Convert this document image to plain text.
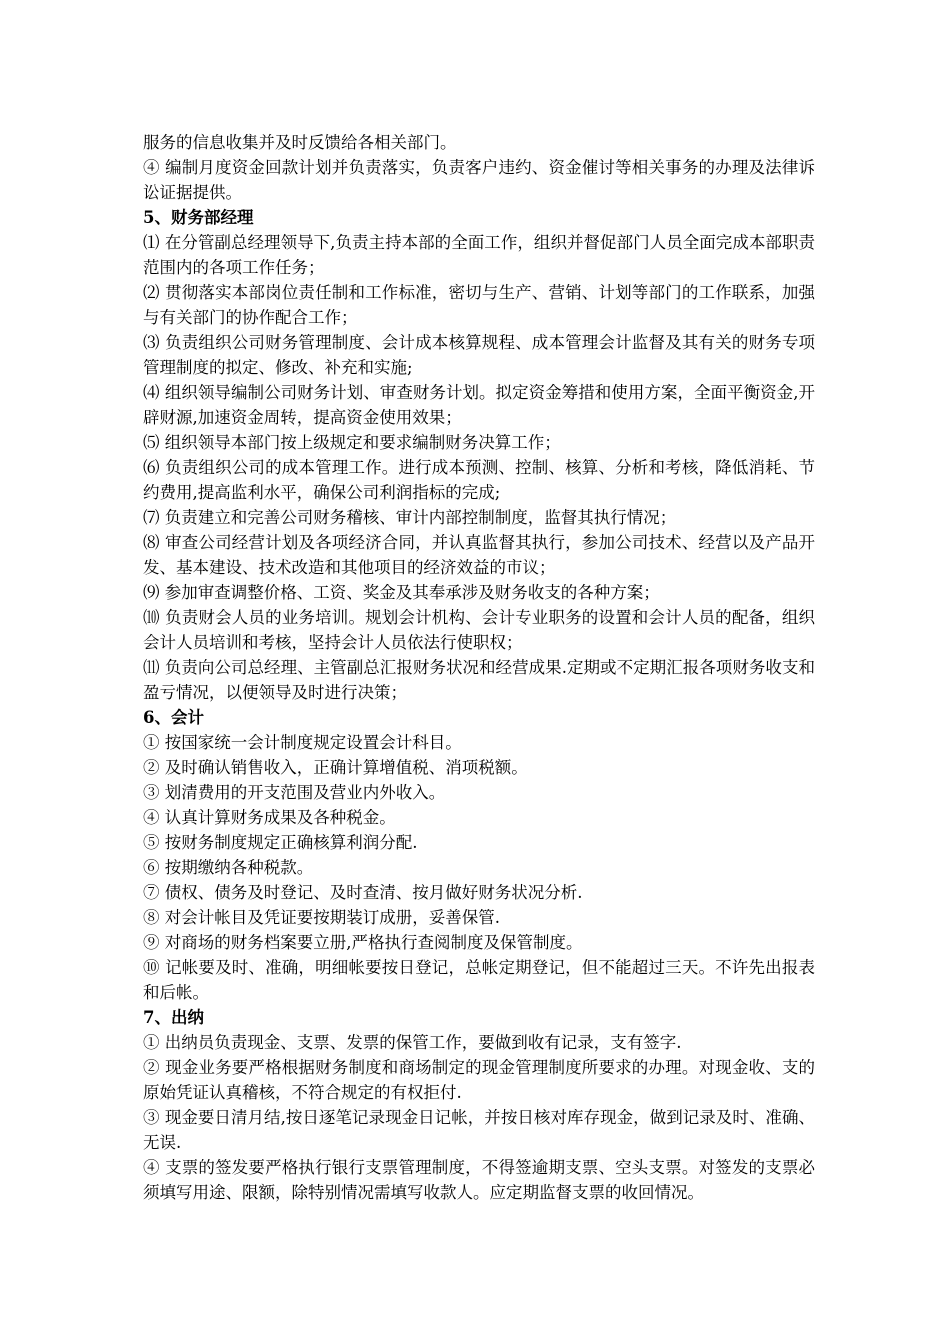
服务的信息收集并及时反馈给各相关部门。

④ 编制月度资金回款计划并负责落实，负责客户违约、资金催讨等相关事务的办理及法律诉讼证据提供。

5、财务部经理

⑴ 在分管副总经理领导下,负责主持本部的全面工作，组织并督促部门人员全面完成本部职责范围内的各项工作任务；

⑵ 贯彻落实本部岗位责任制和工作标准，密切与生产、营销、计划等部门的工作联系，加强与有关部门的协作配合工作；

⑶ 负责组织公司财务管理制度、会计成本核算规程、成本管理会计监督及其有关的财务专项管理制度的拟定、修改、补充和实施;

⑷ 组织领导编制公司财务计划、审查财务计划。拟定资金筹措和使用方案，全面平衡资金,开辟财源,加速资金周转，提高资金使用效果；

⑸ 组织领导本部门按上级规定和要求编制财务决算工作；

⑹ 负责组织公司的成本管理工作。进行成本预测、控制、核算、分析和考核，降低消耗、节约费用,提高监利水平，确保公司利润指标的完成;

⑺ 负责建立和完善公司财务稽核、审计内部控制制度，监督其执行情况；

⑻ 审查公司经营计划及各项经济合同，并认真监督其执行，参加公司技术、经营以及产品开发、基本建设、技术改造和其他项目的经济效益的市议；

⑼ 参加审查调整价格、工资、奖金及其奉承涉及财务收支的各种方案；

⑽ 负责财会人员的业务培训。规划会计机构、会计专业职务的设置和会计人员的配备，组织会计人员培训和考核，坚持会计人员依法行使职权；

⑾ 负责向公司总经理、主管副总汇报财务状况和经营成果.定期或不定期汇报各项财务收支和盈亏情况，以便领导及时进行决策；

6、会计

① 按国家统一会计制度规定设置会计科目。

② 及时确认销售收入，正确计算增值税、消项税额。

③ 划清费用的开支范围及营业内外收入。

④ 认真计算财务成果及各种税金。

⑤ 按财务制度规定正确核算利润分配.

⑥ 按期缴纳各种税款。

⑦ 债权、债务及时登记、及时查清、按月做好财务状况分析.

⑧ 对会计帐目及凭证要按期装订成册，妥善保管.

⑨ 对商场的财务档案要立册,严格执行查阅制度及保管制度。

⑩ 记帐要及时、准确，明细帐要按日登记，总帐定期登记，但不能超过三天。不许先出报表和后帐。

7、出纳

① 出纳员负责现金、支票、发票的保管工作，要做到收有记录，支有签字.

② 现金业务要严格根据财务制度和商场制定的现金管理制度所要求的办理。对现金收、支的原始凭证认真稽核，不符合规定的有权拒付.

③ 现金要日清月结,按日逐笔记录现金日记帐，并按日核对库存现金，做到记录及时、准确、无误.

④ 支票的签发要严格执行银行支票管理制度，不得签逾期支票、空头支票。对签发的支票必须填写用途、限额，除特别情况需填写收款人。应定期监督支票的收回情况。
